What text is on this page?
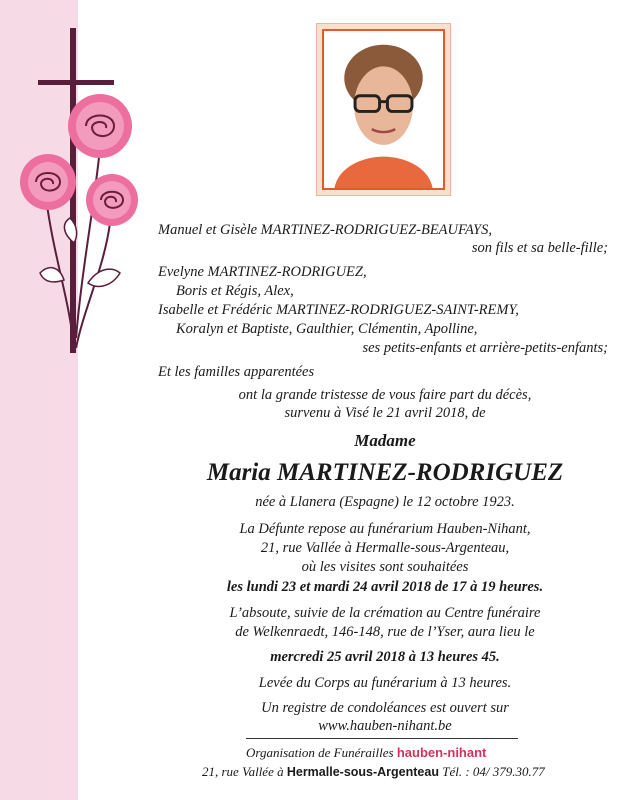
Manuel et Gisèle MARTINEZ-RODRIGUEZ-BEAUFAYS,
son fils et sa belle-fille;
Evelyne MARTINEZ-RODRIGUEZ,
Boris et Régis, Alex,
Isabelle et Frédéric MARTINEZ-RODRIGUEZ-SAINT-REMY,
Koralyn et Baptiste, Gaulthier, Clémentin, Apolline,
ses petits-enfants et arrière-petits-enfants;
Et les familles apparentées
ont la grande tristesse de vous faire part du décès,
survenu à Visé le 21 avril 2018, de
Madame
Maria MARTINEZ-RODRIGUEZ
née à Llanera (Espagne) le 12 octobre 1923.
La Défunte repose au funérarium Hauben-Nihant,
21, rue Vallée à Hermalle-sous-Argenteau,
où les visites sont souhaitées
les lundi 23 et mardi 24 avril 2018 de 17 à 19 heures.
L’absoute, suivie de la crémation au Centre funéraire
de Welkenraedt, 146-148, rue de l’Yser, aura lieu le
mercredi 25 avril 2018 à 13 heures 45.
Levée du Corps au funérarium à 13 heures.
Un registre de condoléances est ouvert sur
www.hauben-nihant.be
Organisation de Funérailles hauben-nihant
21, rue Vallée à Hermalle-sous-Argenteau Tél. : 04/ 379.30.77
